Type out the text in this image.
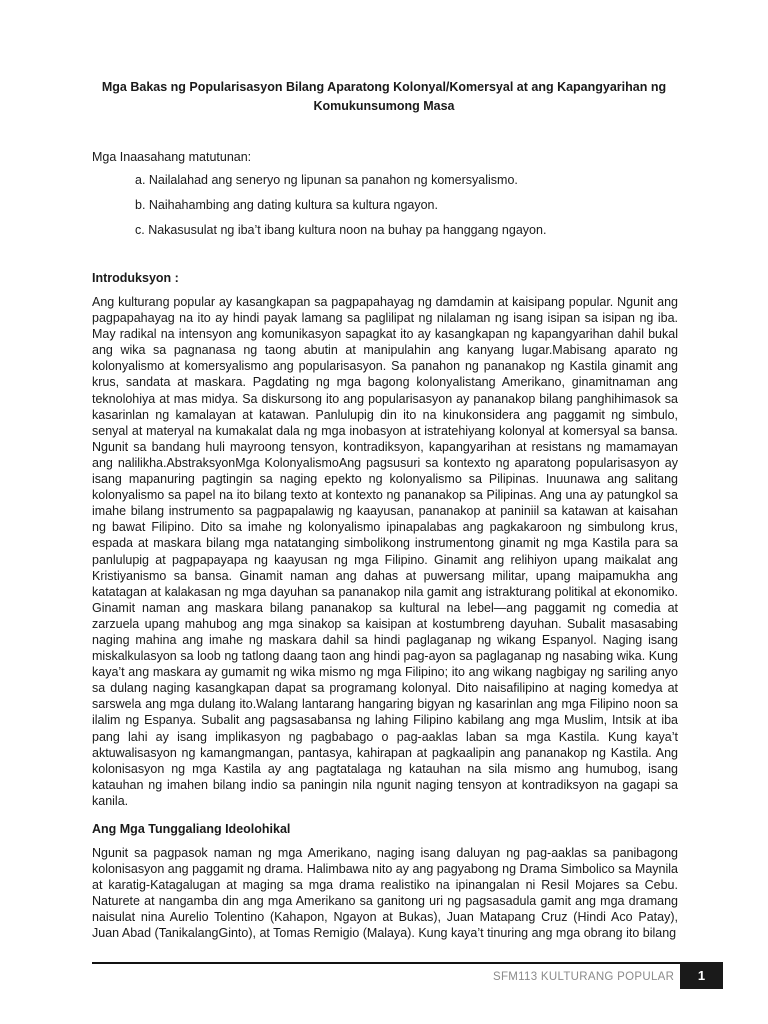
Mga Bakas ng Popularisasyon Bilang Aparatong Kolonyal/Komersyal at ang Kapangyarihan ng Komukunsumong Masa
Mga Inaasahang matutunan:
a. Nailalahad ang seneryo ng lipunan sa panahon ng komersyalismo.
b. Naihahambing ang dating kultura sa kultura ngayon.
c. Nakasusulat ng iba’t ibang kultura noon na buhay pa hanggang ngayon.
Introduksyon :

Ang kulturang popular ay kasangkapan sa pagpapahayag ng damdamin at kaisipang popular. Ngunit ang pagpapahayag na ito ay hindi payak lamang sa paglilipat ng nilalaman ng isang isipan sa isipan ng iba. May radikal na intensyon ang komunikasyon sapagkat ito ay kasangkapan ng kapangyarihan dahil bukal ang wika sa pagnanasa ng taong abutin at manipulahin ang kanyang lugar.Mabisang aparato ng kolonyalismo at komersyalismo ang popularisasyon. Sa panahon ng pananakop ng Kastila ginamit ang krus, sandata at maskara. Pagdating ng mga bagong kolonyalistang Amerikano, ginamitnaman ang teknolohiya at mas midya. Sa diskursong ito ang popularisasyon ay pananakop bilang panghihimasok sa kasarinlan ng kamalayan at katawan. Panlulupig din ito na kinukonsidera ang paggamit ng simbulo, senyal at materyal na kumakalat dala ng mga inobasyon at istratehiyang kolonyal at komersyal sa bansa. Ngunit sa bandang huli mayroong tensyon, kontradiksyon, kapangyarihan at resistans ng mamamayan ang nalilikha.AbstraksyonMga KolonyalismoAng pagsusuri sa kontexto ng aparatong popularisasyon ay isang mapanuring pagtingin sa naging epekto ng kolonyalismo sa Pilipinas. Inuunawa ang salitang kolonyalismo sa papel na ito bilang texto at kontexto ng pananakop sa Pilipinas. Ang una ay patungkol sa imahe bilang instrumento sa pagpapalawig ng kaayusan, pananakop at paniniil sa katawan at kaisahan ng bawat Filipino. Dito sa imahe ng kolonyalismo ipinapalabas ang pagkakaroon ng simbulong krus, espada at maskara bilang mga natatanging simbolikong instrumentong ginamit ng mga Kastila para sa panlulupig at pagpapayapa ng kaayusan ng mga Filipino. Ginamit ang relihiyon upang maikalat ang Kristiyanismo sa bansa. Ginamit naman ang dahas at puwersang militar, upang maipamukha ang katatagan at kalakasan ng mga dayuhan sa pananakop nila gamit ang istrakturang politikal at ekonomiko. Ginamit naman ang maskara bilang pananakop sa kultural na lebel—ang paggamit ng comedia at zarzuela upang mahubog ang mga sinakop sa kaisipan at kostumbreng dayuhan. Subalit masasabing naging mahina ang imahe ng maskara dahil sa hindi paglaganap ng wikang Espanyol. Naging isang miskalkulasyon sa loob ng tatlong daang taon ang hindi pag-ayon sa paglaganap ng nasabing wika. Kung kaya’t ang maskara ay gumamit ng wika mismo ng mga Filipino; ito ang wikang nagbigay ng sariling anyo sa dulang naging kasangkapan dapat sa programang kolonyal. Dito naisafilipino at naging komedya at sarswela ang mga dulang ito.Walang lantarang hangaring bigyan ng kasarinlan ang mga Filipino noon sa ilalim ng Espanya. Subalit ang pagsasabansa ng lahing Filipino kabilang ang mga Muslim, Intsik at iba pang lahi ay isang implikasyon ng pagbabago o pag-aaklas laban sa mga Kastila. Kung kaya’t aktuwalisasyon ng kamangmangan, pantasya, kahirapan at pagkaalipin ang pananakop ng Kastila. Ang kolonisasyon ng mga Kastila ay ang pagtatalaga ng katauhan na sila mismo ang humubog, isang katauhan ng imahen bilang indio sa paningin nila ngunit naging tensyon at kontradiksyon na gagapi sa kanila.

Ang Mga Tunggaliang Ideolohikal

Ngunit sa pagpasok naman ng mga Amerikano, naging isang daluyan ng pag-aaklas sa panibagong kolonisasyon ang paggamit ng drama. Halimbawa nito ay ang pagyabong ng Drama Simbolico sa Maynila at karatig-Katagalugan at maging sa mga drama realistiko na ipinangalan ni Resil Mojares sa Cebu. Naturete at nangamba din ang mga Amerikano sa ganitong uri ng pagsasadula gamit ang mga dramang naisulat nina Aurelio Tolentino (Kahapon, Ngayon at Bukas), Juan Matapang Cruz (Hindi Aco Patay), Juan Abad (TanikalangGinto), at Tomas Remigio (Malaya). Kung kaya’t tinuring ang mga obrang ito bilang

SFM113 KULTURANG POPULAR 1
